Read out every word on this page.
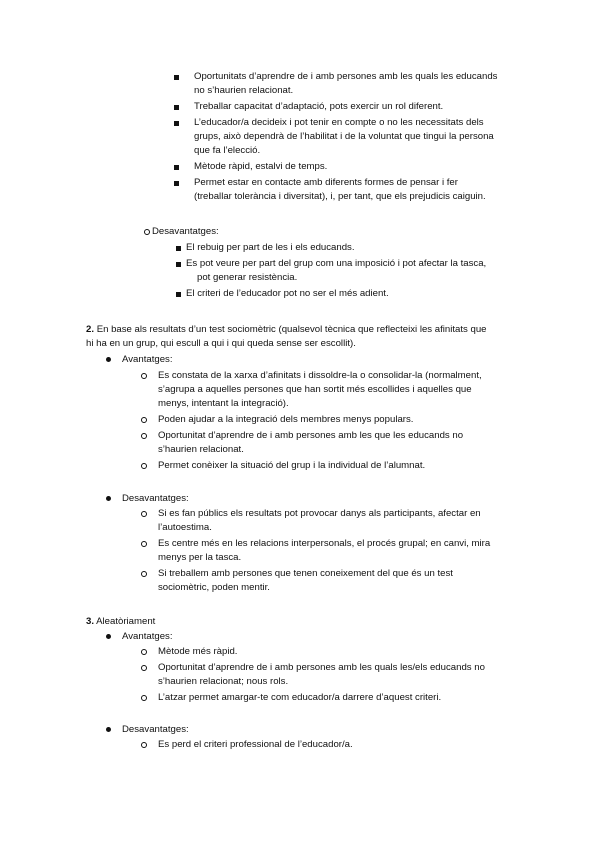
Oportunitats d’aprendre de i amb persones amb les quals les educands
no s’haurien relacionat.
Treballar capacitat d’adaptació, pots exercir un rol diferent.
L’educador/a decideix i pot tenir en compte o no les necessitats dels
grups, això dependrà de l’habilitat i de la voluntat que tingui la persona
que fa l’elecció.
Mètode ràpid, estalvi de temps.
Permet estar en contacte amb diferents formes de pensar i fer
(treballar tolerància i diversitat), i, per tant, que els prejudicis caiguin.
Desavantatges:
El rebuig per part de les i els educands.
Es pot veure per part del grup com una imposició i pot afectar la tasca,
pot generar resistència.
El criteri de l’educador pot no ser el més adient.
2. En base als resultats d’un test sociomètric (qualsevol tècnica que reflecteixi les afinitats que
hi ha en un grup, qui escull a qui i qui queda sense ser escollit).
Avantatges:
Es constata de la xarxa d’afinitats i dissoldre-la o consolidar-la (normalment,
s’agrupa a aquelles persones que han sortit més escollides i aquelles que
menys, intentant la integració).
Poden ajudar a la integració dels membres menys populars.
Oportunitat d’aprendre de i amb persones amb les que les educands no
s’haurien relacionat.
Permet conèixer la situació del grup i la individual de l’alumnat.
Desavantatges:
Si es fan públics els resultats pot provocar danys als participants, afectar en
l’autoestima.
Es centre més en les relacions interpersonals, el procés grupal; en canvi, mira
menys per la tasca.
Si treballem amb persones que tenen coneixement del que és un test
sociomètric, poden mentir.
3. Aleatòriament
Avantatges:
Mètode més ràpid.
Oportunitat d’aprendre de i amb persones amb les quals les/els educands no
s’haurien relacionat; nous rols.
L’atzar permet amargar-te com educador/a darrere d’aquest criteri.
Desavantatges:
Es perd el criteri professional de l’educador/a.
